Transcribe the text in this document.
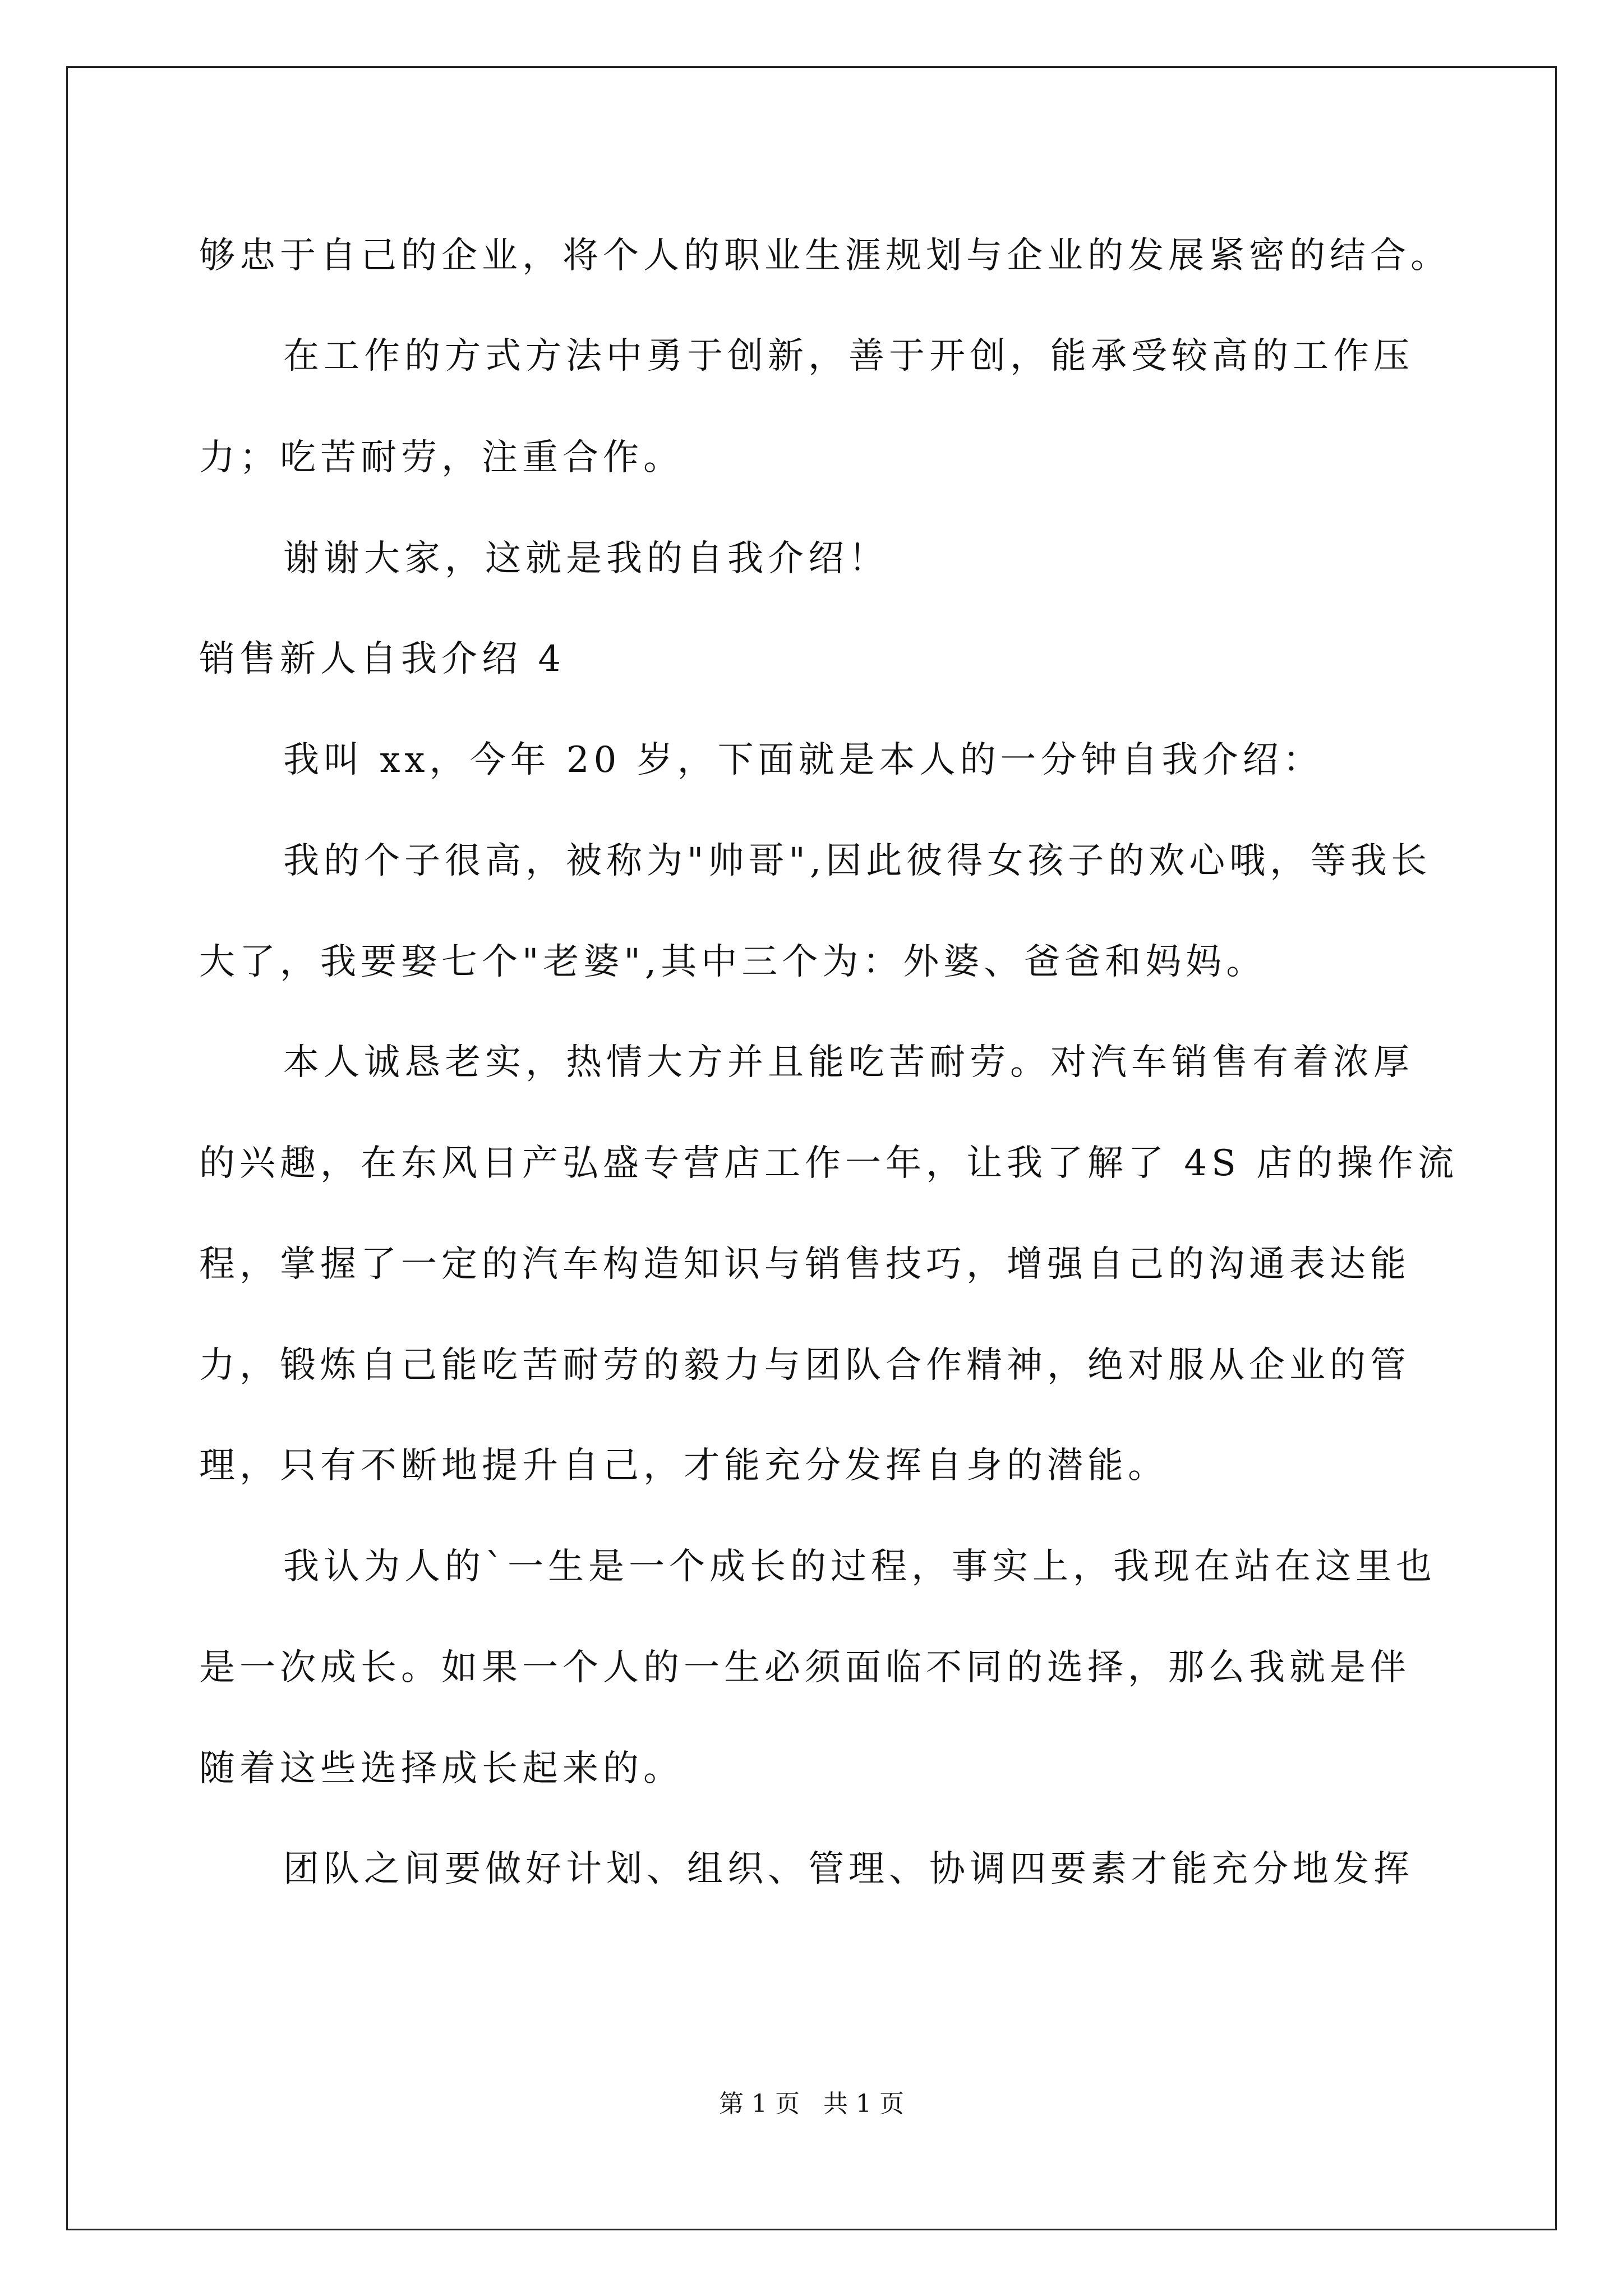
够忠于自己的企业，将个人的职业生涯规划与企业的发展紧密的结合。
在工作的方式方法中勇于创新，善于开创，能承受较高的工作压
力；吃苦耐劳，注重合作。
谢谢大家，这就是我的自我介绍！
销售新人自我介绍 4
我叫 xx，今年 20 岁，下面就是本人的一分钟自我介绍：
我的个子很高，被称为"帅哥",因此彼得女孩子的欢心哦，等我长
大了，我要娶七个"老婆",其中三个为：外婆、爸爸和妈妈。
本人诚恳老实，热情大方并且能吃苦耐劳。对汽车销售有着浓厚
的兴趣，在东风日产弘盛专营店工作一年，让我了解了 4S 店的操作流
程，掌握了一定的汽车构造知识与销售技巧，增强自己的沟通表达能
力，锻炼自己能吃苦耐劳的毅力与团队合作精神，绝对服从企业的管
理，只有不断地提升自己，才能充分发挥自身的潜能。
我认为人的`一生是一个成长的过程，事实上，我现在站在这里也
是一次成长。如果一个人的一生必须面临不同的选择，那么我就是伴
随着这些选择成长起来的。
团队之间要做好计划、组织、管理、协调四要素才能充分地发挥
第 1 页   共 1 页
